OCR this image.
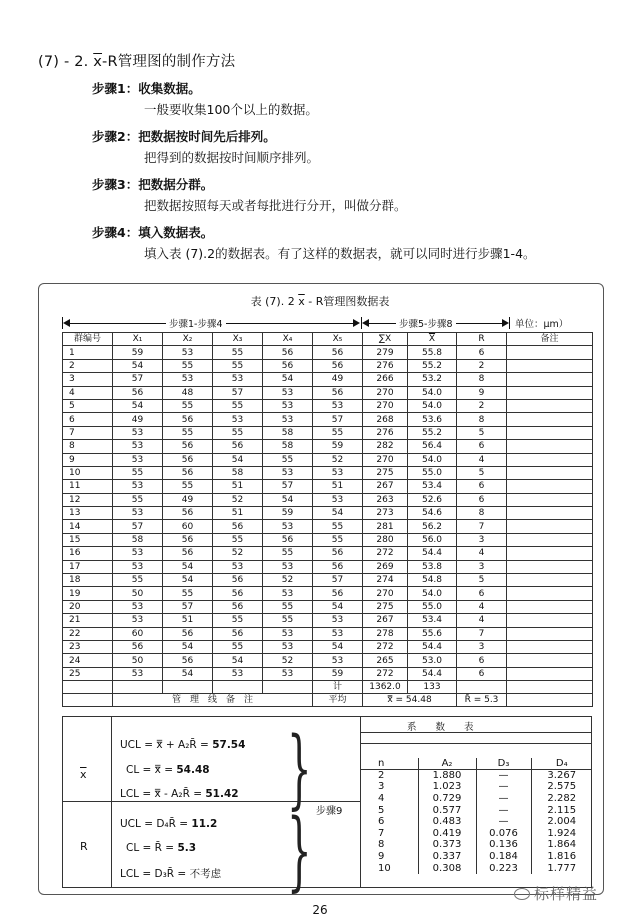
(7) - 2. $\overline{x}-R$管理图的制作方法
步骤1：收集数据。
一般要收集100个以上的数据。
步骤2：把数据按时间先后排列。
把得到的数据按时间顺序排列。
步骤3：把数据分群。
把数据按照每天或者每批进行分开，叫做分群。
步骤4：填入数据表。
填入表 (7).2的数据表。有了这样的数据表，就可以同时进行步骤1-4。
表 (7). 2 $\overline{x}$ - R管理图数据表
步骤1-步骤4	步骤5-步骤8	单位：μm）
群编号	X₁	X₂	X₃	X₄	X₅	∑X	$\overline{X}$	R	备注
1	59	53	55	56	56	279	55.8	6	
2	54	55	55	56	56	276	55.2	2	
3	57	53	53	54	49	266	53.2	8	
4	56	48	57	53	56	270	54.0	9	
5	54	55	55	53	53	270	54.0	2	
6	49	56	53	53	57	268	53.6	8	
7	53	55	55	58	55	276	55.2	5	
8	53	56	56	58	59	282	56.4	6	
9	53	56	54	55	52	270	54.0	4	
10	55	56	58	53	53	275	55.0	5	
11	53	55	51	57	51	267	53.4	6	
12	55	49	52	54	53	263	52.6	6	
13	53	56	51	59	54	273	54.6	8	
14	57	60	56	53	55	281	56.2	7	
15	58	56	55	56	55	280	56.0	3	
16	53	56	52	55	56	272	54.4	4	
17	53	54	53	53	56	269	53.8	3	
18	55	54	56	52	57	274	54.8	5	
19	50	55	56	53	56	270	54.0	6	
20	53	57	56	55	54	275	55.0	4	
21	53	51	55	55	53	267	53.4	4	
22	60	56	56	53	53	278	55.6	7	
23	56	54	55	53	54	272	54.4	3	
24	50	56	54	52	53	265	53.0	6	
25	53	54	53	53	59	272	54.4	6	
					计	1362.0	133		
	管　理　线　备　注				平均	x̿ = 54.48		R̄ = 5.3	
$\overline{x}$
R
UCL = x̿ + A₂R̄ = 57.54
CL = x̿ = 54.48
LCL = x̿ - A₂R̄ = 51.42
UCL = D₄R̄ = 11.2
CL = R̄ = 5.3
LCL = D₃R̄ = 不考虑
}
} 步骤9
系　　数　　表
n	A₂	D₃	D₄
2	1.880	—	3.267
3	1.023	—	2.575
4	0.729	—	2.282
5	0.577	—	2.115
6	0.483	—	2.004
7	0.419	0.076	1.924
8	0.373	0.136	1.864
9	0.337	0.184	1.816
10	0.308	0.223	1.777
26
标样精益
